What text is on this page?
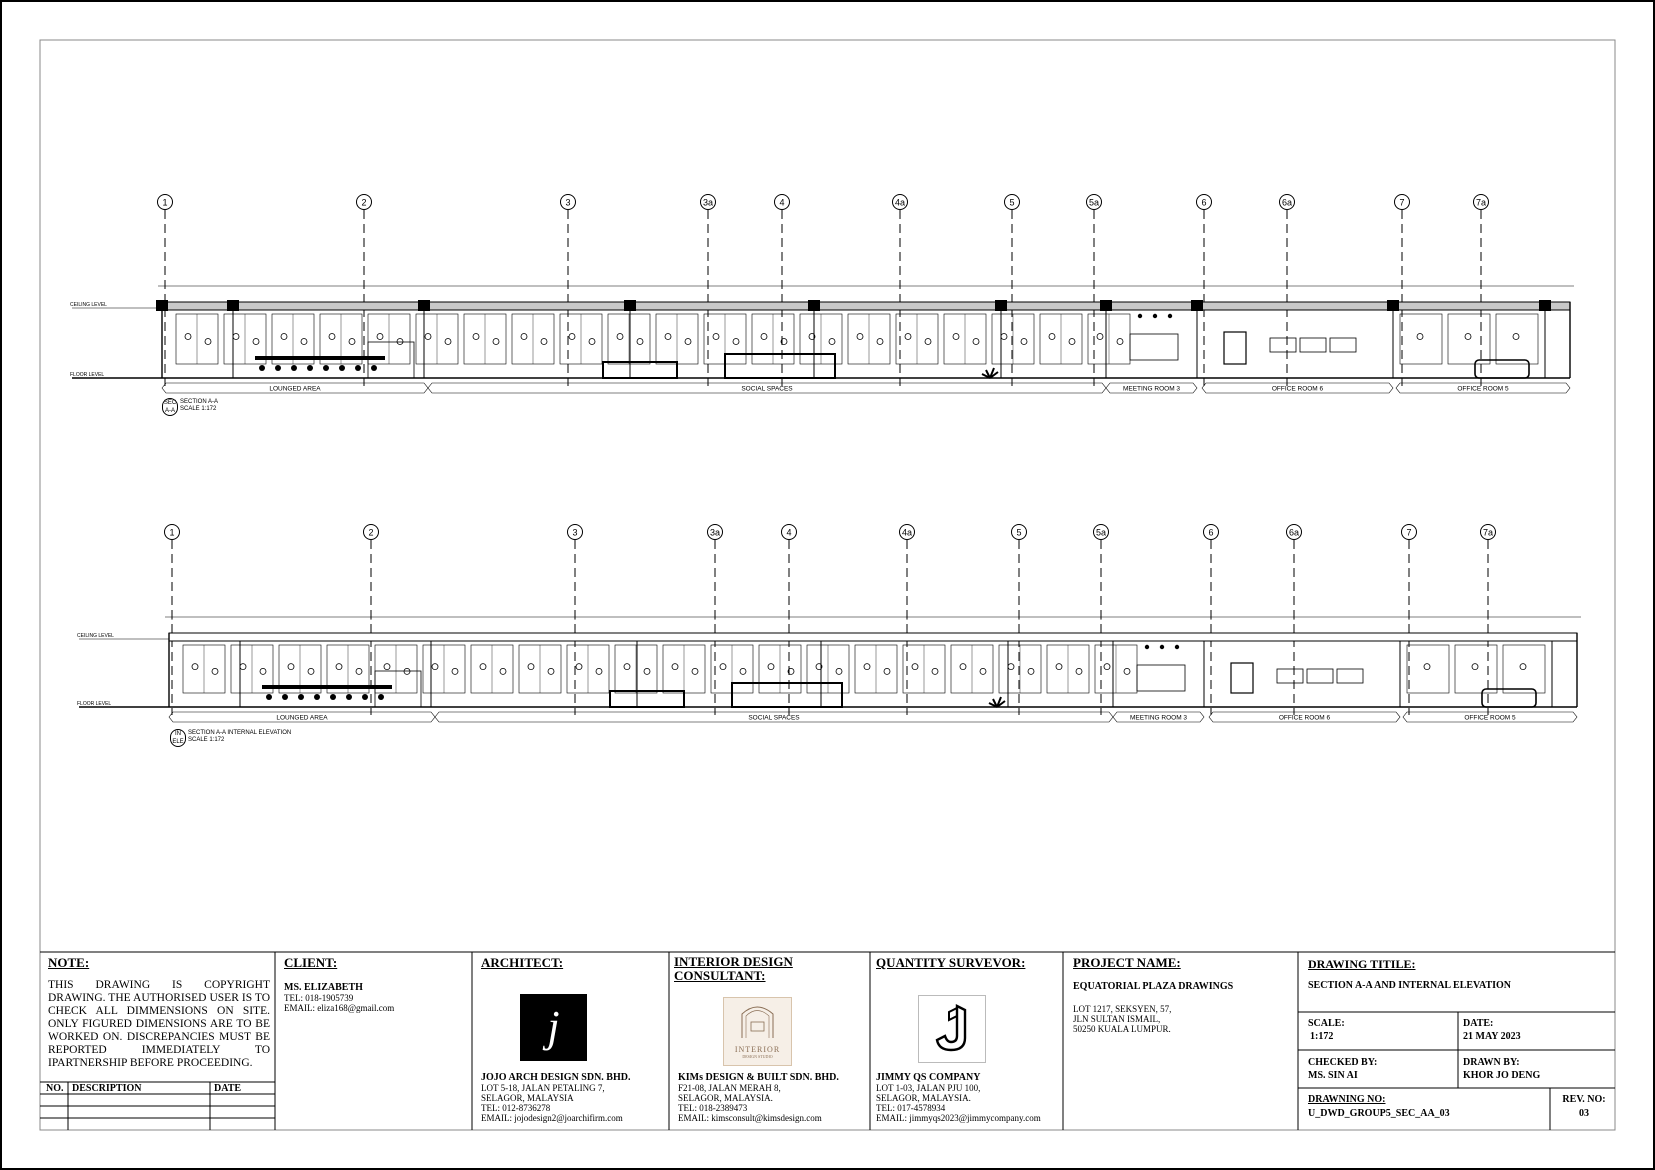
1	2	3	3a	4	4a	5	5a	6	6a	7	7a
CEILING LEVEL
FLOOR LEVEL
LOUNGED AREA	SOCIAL SPACES	MEETING ROOM 3	OFFICE ROOM 6	OFFICE ROOM 5
1	2	3	3a	4	4a	5	5a	6	6a	7	7a
CEILING LEVEL
FLOOR LEVEL
LOUNGED AREA	SOCIAL SPACES	MEETING ROOM 3	OFFICE ROOM 6	OFFICE ROOM 5
SEC
A-A
SECTION A-A
SCALE 1:172
IN
ELE
SECTION A-A INTERNAL ELEVATION
SCALE 1:172
NOTE:
THIS DRAWING IS COPYRIGHT DRAWING. THE AUTHORISED USER IS TO CHECK ALL DIMMENSIONS ON SITE. ONLY FIGURED DIMENSIONS ARE TO BE WORKED ON. DISCREPANCIES MUST BE REPORTED IMMEDIATELY TO IPARTNERSHIP BEFORE PROCEEDING.
NO. DESCRIPTION	DATE
CLIENT:
MS. ELIZABETH
TEL: 018-1905739
EMAIL: eliza168@gmail.com
ARCHITECT:
j
JOJO ARCH DESIGN SDN. BHD.
LOT 5-18, JALAN PETALING 7,
SELAGOR, MALAYSIA
TEL: 012-8736278
EMAIL: jojodesign2@joarchifirm.com
INTERIOR DESIGN
CONSULTANT:
INTERIOR
DESIGN STUDIO
KIMs DESIGN & BUILT SDN. BHD.
F21-08, JALAN MERAH 8,
SELAGOR, MALAYSIA.
TEL: 018-2389473
EMAIL: kimsconsult@kimsdesign.com
QUANTITY SURVEVOR:
JIMMY QS COMPANY
LOT 1-03, JALAN PJU 100,
SELAGOR, MALAYSIA.
TEL: 017-4578934
EMAIL: jimmyqs2023@jimmycompany.com
PROJECT NAME:
EQUATORIAL PLAZA DRAWINGS
LOT 1217, SEKSYEN, 57,
JLN SULTAN ISMAIL,
50250 KUALA LUMPUR.
DRAWING TITILE:
SECTION A-A AND INTERNAL ELEVATION
SCALE:
1:172
DATE:
21 MAY 2023
CHECKED BY:
MS. SIN AI
DRAWN BY:
KHOR JO DENG
DRAWNING NO:
U_DWD_GROUP5_SEC_AA_03
REV. NO:
03
